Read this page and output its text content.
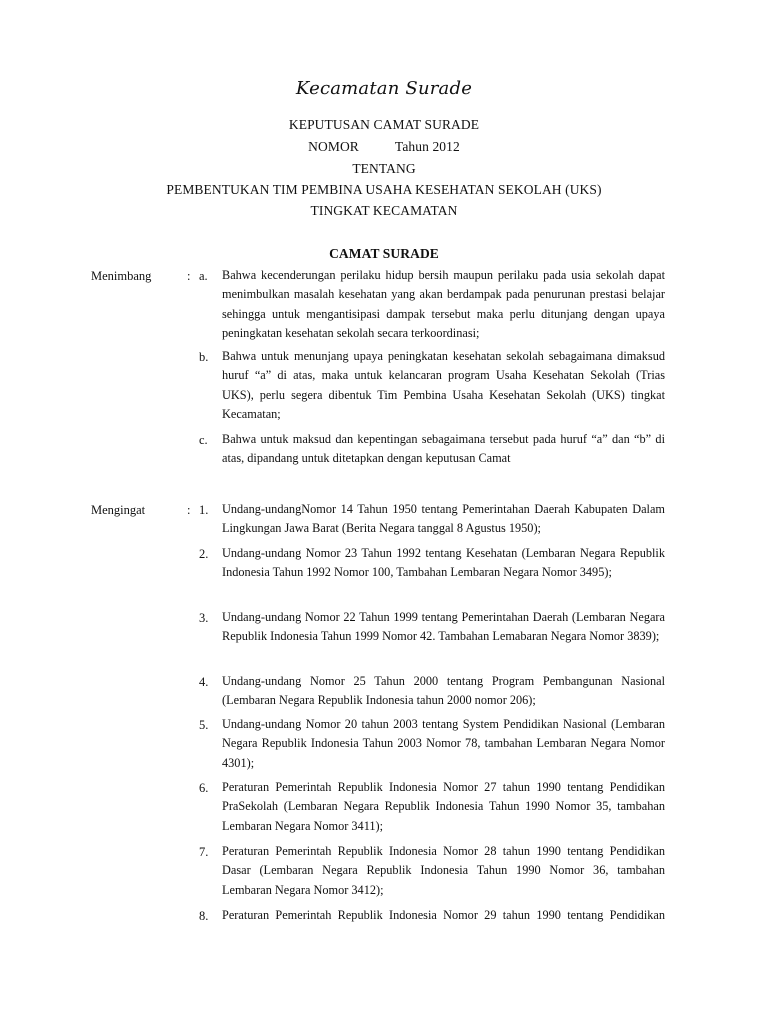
Kecamatan Surade
KEPUTUSAN CAMAT SURADE
NOMOR	Tahun 2012
TENTANG
PEMBENTUKAN TIM PEMBINA USAHA KESEHATAN SEKOLAH (UKS)
TINGKAT KECAMATAN
CAMAT SURADE
Menimbang	: a. Bahwa kecenderungan perilaku hidup bersih maupun perilaku pada usia sekolah dapat menimbulkan masalah kesehatan yang akan berdampak pada penurunan prestasi belajar sehingga untuk mengantisipasi dampak tersebut maka perlu ditunjang dengan upaya peningkatan kesehatan sekolah secara terkoordinasi;
b. Bahwa untuk menunjang upaya peningkatan kesehatan sekolah sebagaimana dimaksud huruf “a” di atas, maka untuk kelancaran program Usaha Kesehatan Sekolah (Trias UKS), perlu segera dibentuk Tim Pembina Usaha Kesehatan Sekolah (UKS) tingkat Kecamatan;
c. Bahwa untuk maksud dan kepentingan sebagaimana tersebut pada huruf “a” dan “b” di atas, dipandang untuk ditetapkan dengan keputusan Camat
Mengingat	: 1. Undang-undangNomor 14 Tahun 1950 tentang Pemerintahan Daerah Kabupaten Dalam Lingkungan Jawa Barat (Berita Negara tanggal 8 Agustus 1950);
2. Undang-undang Nomor 23 Tahun 1992 tentang Kesehatan (Lembaran Negara Republik Indonesia Tahun 1992 Nomor 100, Tambahan Lembaran Negara Nomor 3495);
3. Undang-undang Nomor 22 Tahun 1999 tentang Pemerintahan Daerah (Lembaran Negara Republik Indonesia Tahun 1999 Nomor 42. Tambahan Lemabaran Negara Nomor 3839);
4. Undang-undang Nomor 25 Tahun 2000 tentang Program Pembangunan Nasional (Lembaran Negara Republik Indonesia tahun 2000 nomor 206);
5. Undang-undang Nomor 20 tahun 2003 tentang System Pendidikan Nasional (Lembaran Negara Republik Indonesia Tahun 2003 Nomor 78, tambahan Lembaran Negara Nomor 4301);
6. Peraturan Pemerintah Republik Indonesia Nomor 27 tahun 1990 tentang Pendidikan PraSekolah (Lembaran Negara Republik Indonesia Tahun 1990 Nomor 35, tambahan Lembaran Negara Nomor 3411);
7. Peraturan Pemerintah Republik Indonesia Nomor 28 tahun 1990 tentang Pendidikan Dasar (Lembaran Negara Republik Indonesia Tahun 1990 Nomor 36, tambahan Lembaran Negara Nomor 3412);
8. Peraturan Pemerintah Republik Indonesia Nomor 29 tahun 1990 tentang Pendidikan
